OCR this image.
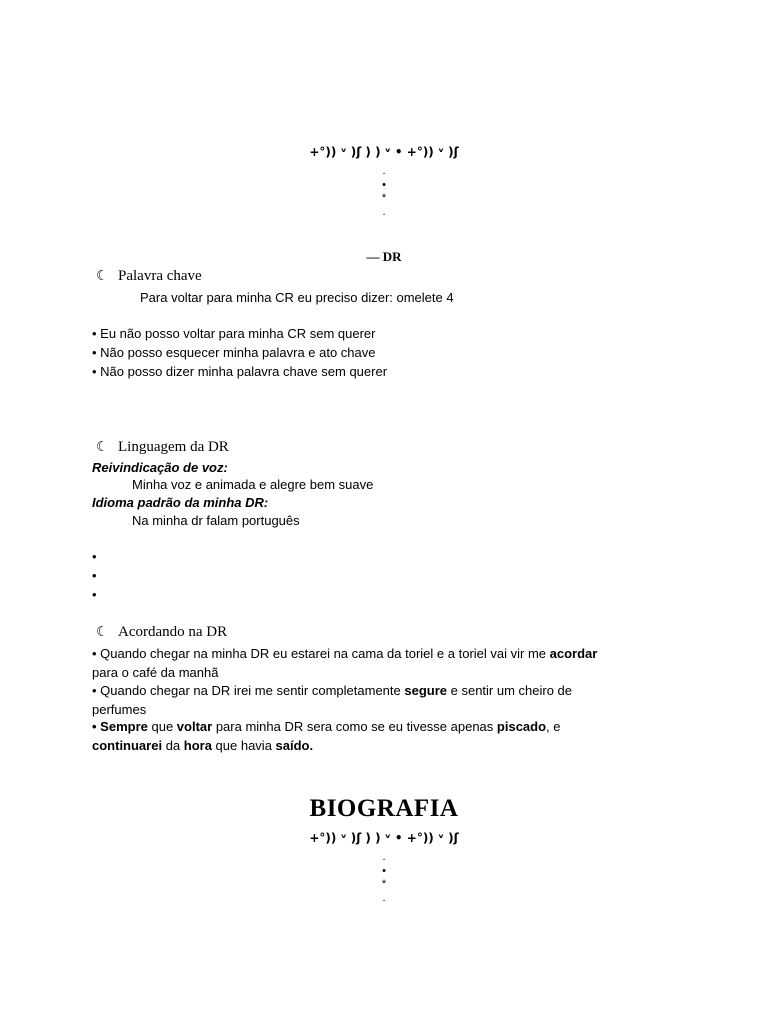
+°)) ᵛ )ʃ ) ) ᵛ • +°)) ᵛ )ʃ
.
•
*
.
— DR
☾ Palavra chave
Para voltar para minha CR eu preciso dizer: omelete 4
• Eu não posso voltar para minha CR sem querer
• Não posso esquecer minha palavra e ato chave
• Não posso dizer minha palavra chave sem querer
☾ Linguagem da DR
Reivindicação de voz:
Minha voz e animada e alegre bem suave
Idioma padrão da minha DR:
Na minha dr falam português
•
•
•
☾ Acordando na DR
• Quando chegar na minha DR eu estarei na cama da toriel e a toriel vai vir me acordar
para o café da manhã
• Quando chegar na DR irei me sentir completamente segure e sentir um cheiro de
perfumes
• Sempre que voltar para minha DR sera como se eu tivesse apenas piscado, e
continuarei da hora que havia saído.
BIOGRAFIA
+°)) ᵛ )ʃ ) ) ᵛ • +°)) ᵛ )ʃ
.
•
*
.
